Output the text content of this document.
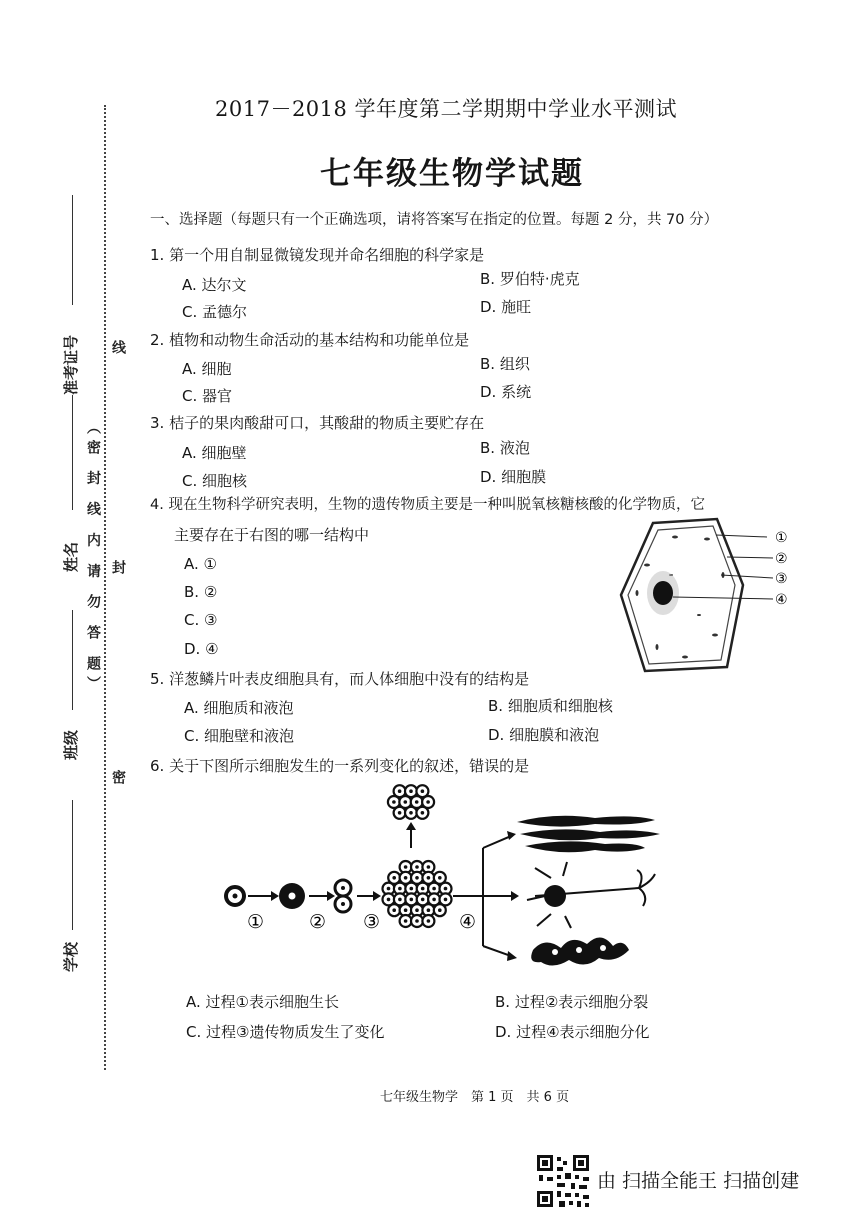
准考证号 线
（密 封 线 内 请 勿 答 题）
姓名 封
班级
密
学校
2017－2018 学年度第二学期期中学业水平测试
七年级生物学试题
一、选择题（每题只有一个正确选项，请将答案写在指定的位置。每题 2 分，共 70 分）
1. 第一个用自制显微镜发现并命名细胞的科学家是
A. 达尔文	B. 罗伯特·虎克
C. 孟德尔	D. 施旺
2. 植物和动物生命活动的基本结构和功能单位是
A. 细胞	B. 组织
C. 器官	D. 系统
3. 桔子的果肉酸甜可口，其酸甜的物质主要贮存在
A. 细胞壁	B. 液泡
C. 细胞核	D. 细胞膜
4. 现在生物科学研究表明，生物的遗传物质主要是一种叫脱氧核糖核酸的化学物质，它
主要存在于右图的哪一结构中
A. ①
B. ②
C. ③
D. ④
①
②
③
④
5. 洋葱鳞片叶表皮细胞具有，而人体细胞中没有的结构是
A. 细胞质和液泡	B. 细胞质和细胞核
C. 细胞壁和液泡	D. 细胞膜和液泡
6. 关于下图所示细胞发生的一系列变化的叙述，错误的是
① ② ③	④
A. 过程①表示细胞生长	B. 过程②表示细胞分裂
C. 过程③遗传物质发生了变化	D. 过程④表示细胞分化
七年级生物学　第 1 页　共 6 页
由 扫描全能王 扫描创建
